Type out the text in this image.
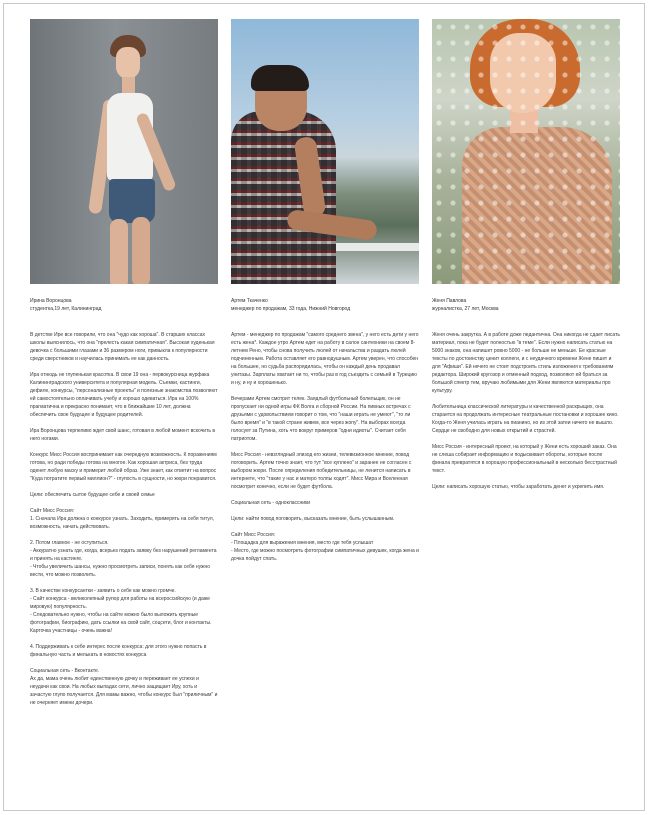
Ирина Воронцова

студентка,19 лет, Калининград

В детстве Ире все говорили, что она "чудо как хороша". В старших классах школы выяснилось, что она "прелесть какая симпатичная". Высокая худенькая девочка с большими глазами и 36 размером ноги, привыкла к популярности среди сверстников и научилась принимать ее как данность.

Ира отнюдь не глупенькая красотка. В свои 19 она - первокурсница журфака Калининградского университета и популярная модель. Съемки, кастинги, дефиле, конкурсы, "персонализные проекты" и полезные знакомства позволяют ей самостоятельно оплачивать учебу и хорошо одеваться. Ира на 100% прагматична и прекрасно понимает, что в ближайшие 10 лет, должна обеспечить свое будущее и будущее родителей.

Ира Воронцова терпеливо ждет свой шанс, готовая в любой момент вскочить в него ногами.

Конкурс Мисс Россия воспринимает как очередную возможность. К поражениям готова, но ради победы готова на многое. Как хорошая актриса, без труда оденет любую маску и примерит любой образ. Уже знает, как ответит на вопрос "Куда потратите первый миллион?" - глупость в сущности, но жюри понравится.

Цели: обеспечить сытое будущее себе и своей семье

Сайт Мисс Россия:
1. Сначала Ира должна о конкурсе узнать. Заходить, примерять на себя титул, возможность, начать действовать.

2. Потом главное - не оступиться.
- Аккуратно узнать где, когда, всерьез подать заявку без нарушений регламента и принять на кастинге.
- Чтобы увеличить шансы, нужно просмотреть записи, понять как себя нужно вести, что можно позволить.

3. В качестве конкурсантки - заявить о себе как можно громче.
- Сайт конкурса - великолепный рупор для работы на всероссийскую (и даже мировую) популярность.
- Следовательно нужно, чтобы на сайте можно было выложить крупные фотографии, биографию, дать ссылки на свой сайт, соцсети, блог и контакты. Карточка участницы - очень важна!

4. Поддерживать к себе интерес после конкурса: для этого нужно попасть в финальную часть и мелькать в новостях конкурса

Социальная сеть - Вконтакте.
Ах да, мама очень любит единственную дочку и переживает ее успехи и неудачи как свои. На любых выпадах сети, лично защищает Иру, хоть и зачастую глупо получается. Для мамы важно, чтобы конкурс был "приличным" и не очерняет имени дочери.

Артем Ткаченко

менеджер по продажам, 33 года, Нижний Новгород

Артем - менеджер по продажам "самого среднего звена", у него есть дети у него есть жена*. Каждое утро Артем едет на работу в салон сантехники на своем 8-летнем Рено, чтобы снова получить люлей от начальства и раздать люлей подчиненным. Работа оставляет его равнодушным. Артем уверен, что способен на большее, но судьба распорядилась, чтобы он каждый день продавал унитазы. Зарплаты хватает ни то, чтобы раз в год съездить с семьей в Турецию и ну, и ну и хорошенько.

Вечерами Артем смотрит телек. Заядлый футбольный болельщик, он не пропускает ни одной игры ФК Волга и сборной России. На пивных встречах с друзьями с удовольствием говорит о том, что "наши играть не умеют", "то ли было время" и "в такой стране живем, все через жопу". На выборах всегда голосует за Путина, хоть что вокруг примеров "одни идиоты". Считает себя патриотом.

Мисс Россия - невзглядный эпизод его жизни, телевизионное мнение, повод поговорить. Артем точно знает, что тут "все куплено" и заранее не согласен с выбором жюри. После определения победительницы, не ленится написать в интернете, что "такие у нас и матеро толпы ходят". Мисс Мира и Вселенная посмотрит конечно, если не будет футбола.

Социальная сеть - одноклассники

Цели: найти повод поговорить, высказать мнение, быть услышанным.

Сайт Мисс Россия:
- Площадка для выражения мнения, место где тебя услышат
- Место, где можно посмотреть фотографии симпатичных девушек, когда жена и дочка пойдут спать.

Женя Павлова

журналистка, 27 лет, Москва

Женя очень закрутка. А в работе доже педантична. Она никогда не сдает писать материал, пока не будет полностью "в теме". Если нужно написать статью на 5000 знаков, она напишет ровно 5000 - не больше не меньше. Ее красные тексты по достоинству ценит коллеги, и с неудачного времени Жене пишет и для "Афиши". Ей нечего не стоит подстроить стиль изложения к требованиям редактора. Широкий кругозор и отменный подход, позволяют ей браться за большой спектр тем, вручаю любимыми для Жени являются материалы про культуру.

Любительница классической литературы и качественной раскрыщих, она старается на продолжать интересные театральные постановки и хорошее кино. Когда-то Женя училась играть на пианино, но из этой затеи ничего не вышло. Сердце не свободно для новых открытий и страстей.

Мисс Россия - интересный проект, на который у Жени есть хороший заказ. Она не слеша собирает информацию и подыскивает обороты, которые после финала превратятся в хорошую профессиональный в несколько бесстрастный текст.

Цели: написать хорошую статью, чтобы заработать денег и укрепить имя.
